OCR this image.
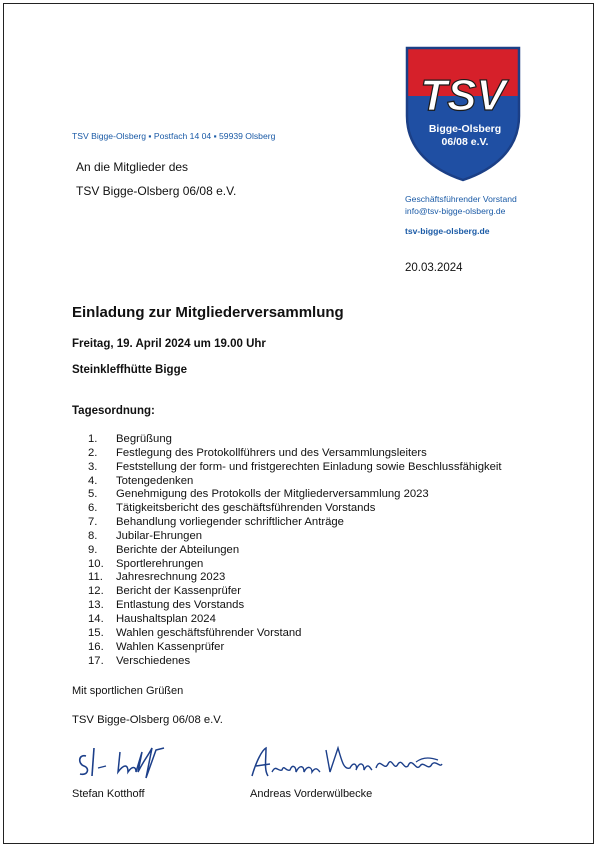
TSV Bigge-Olsberg ▪ Postfach 14 04 ▪ 59939 Olsberg
An die Mitglieder des
TSV Bigge-Olsberg 06/08 e.V.
TSV
Bigge-Olsberg
06/08 e.V.
Geschäftsführender Vorstand
info@tsv-bigge-olsberg.de
tsv-bigge-olsberg.de
20.03.2024
Einladung zur Mitgliederversammlung
Freitag, 19. April 2024 um 19.00 Uhr
Steinkleffhütte Bigge
Tagesordnung:
1. Begrüßung
2. Festlegung des Protokollführers und des Versammlungsleiters
3. Feststellung der form- und fristgerechten Einladung sowie Beschlussfähigkeit
4. Totengedenken
5. Genehmigung des Protokolls der Mitgliederversammlung 2023
6. Tätigkeitsbericht des geschäftsführenden Vorstands
7. Behandlung vorliegender schriftlicher Anträge
8. Jubilar-Ehrungen
9. Berichte der Abteilungen
10. Sportlerehrungen
11. Jahresrechnung 2023
12. Bericht der Kassenprüfer
13. Entlastung des Vorstands
14. Haushaltsplan 2024
15. Wahlen geschäftsführender Vorstand
16. Wahlen Kassenprüfer
17. Verschiedenes
Mit sportlichen Grüßen
TSV Bigge-Olsberg 06/08 e.V.
Stefan Kotthoff	Andreas Vorderwülbecke
